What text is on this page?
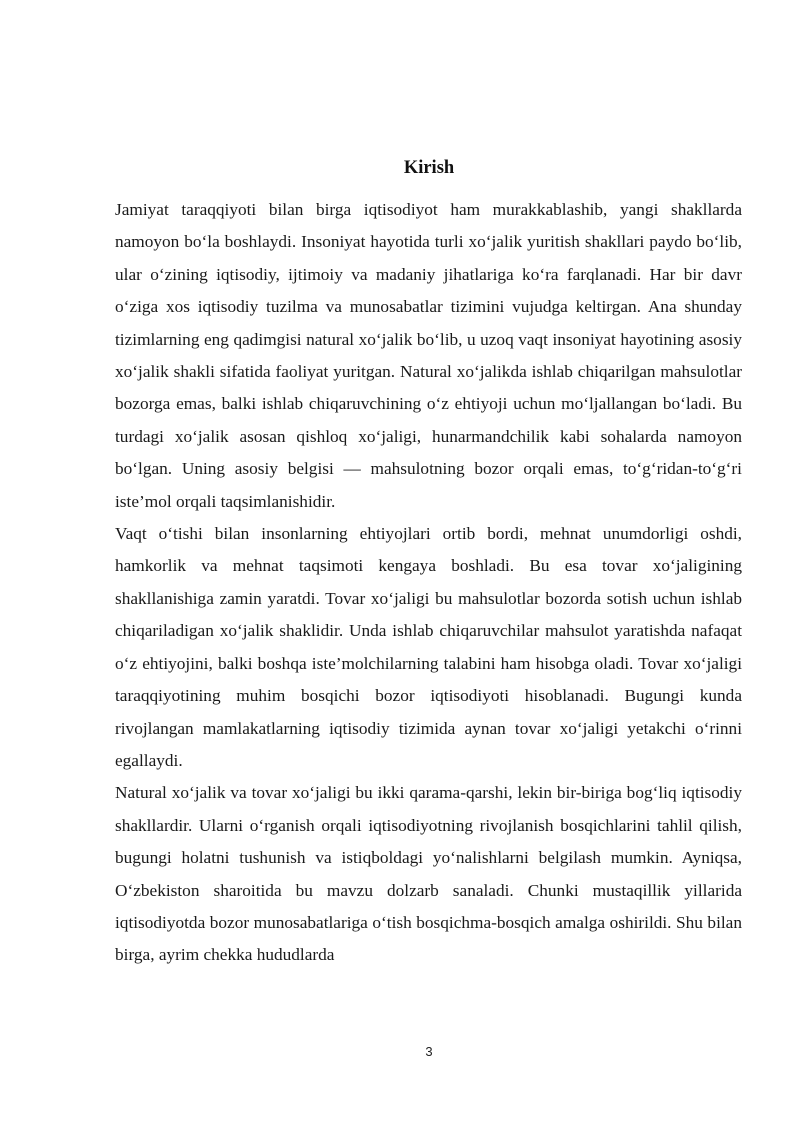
Kirish

Jamiyat taraqqiyoti bilan birga iqtisodiyot ham murakkablashib, yangi shakllarda namoyon bo‘la boshlaydi. Insoniyat hayotida turli xo‘jalik yuritish shakllari paydo bo‘lib, ular o‘zining iqtisodiy, ijtimoiy va madaniy jihatlariga ko‘ra farqlanadi. Har bir davr o‘ziga xos iqtisodiy tuzilma va munosabatlar tizimini vujudga keltirgan. Ana shunday tizimlarning eng qadimgisi natural xo‘jalik bo‘lib, u uzoq vaqt insoniyat hayotining asosiy xo‘jalik shakli sifatida faoliyat yuritgan. Natural xo‘jalikda ishlab chiqarilgan mahsulotlar bozorga emas, balki ishlab chiqaruvchining o‘z ehtiyoji uchun mo‘ljallangan bo‘ladi. Bu turdagi xo‘jalik asosan qishloq xo‘jaligi, hunarmandchilik kabi sohalarda namoyon bo‘lgan. Uning asosiy belgisi — mahsulotning bozor orqali emas, to‘g‘ridan-to‘g‘ri iste’mol orqali taqsimlanishidir.

Vaqt o‘tishi bilan insonlarning ehtiyojlari ortib bordi, mehnat unumdorligi oshdi, hamkorlik va mehnat taqsimoti kengaya boshladi. Bu esa tovar xo‘jaligining shakllanishiga zamin yaratdi. Tovar xo‘jaligi bu mahsulotlar bozorda sotish uchun ishlab chiqariladigan xo‘jalik shaklidir. Unda ishlab chiqaruvchilar mahsulot yaratishda nafaqat o‘z ehtiyojini, balki boshqa iste’molchilarning talabini ham hisobga oladi. Tovar xo‘jaligi taraqqiyotining muhim bosqichi bozor iqtisodiyoti hisoblanadi. Bugungi kunda rivojlangan mamlakatlarning iqtisodiy tizimida aynan tovar xo‘jaligi yetakchi o‘rinni egallaydi.

Natural xo‘jalik va tovar xo‘jaligi bu ikki qarama-qarshi, lekin bir-biriga bog‘liq iqtisodiy shakllardir. Ularni o‘rganish orqali iqtisodiyotning rivojlanish bosqichlarini tahlil qilish, bugungi holatni tushunish va istiqboldagi yo‘nalishlarni belgilash mumkin. Ayniqsa, O‘zbekiston sharoitida bu mavzu dolzarb sanaladi. Chunki mustaqillik yillarida iqtisodiyotda bozor munosabatlariga o‘tish bosqichma-bosqich amalga oshirildi. Shu bilan birga, ayrim chekka hududlarda

3
